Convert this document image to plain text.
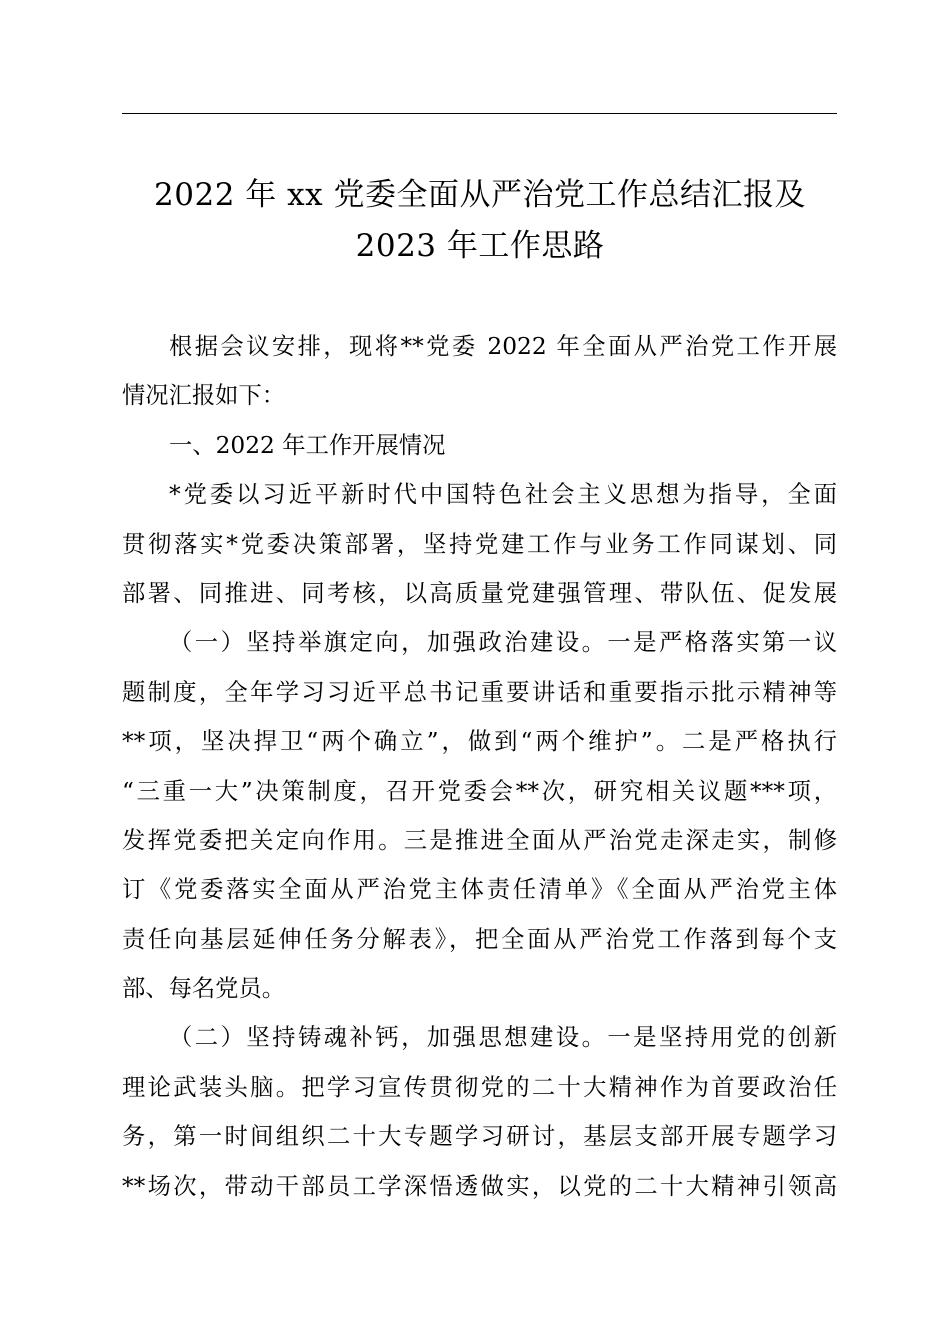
2022 年 xx 党委全面从严治党工作总结汇报及
2023 年工作思路
根据会议安排，现将**党委 2022 年全面从严治党工作开展
情况汇报如下：
一、2022 年工作开展情况
*党委以习近平新时代中国特色社会主义思想为指导，全面
贯彻落实*党委决策部署，坚持党建工作与业务工作同谋划、同
部署、同推进、同考核，以高质量党建强管理、带队伍、促发展
（一）坚持举旗定向，加强政治建设。一是严格落实第一议
题制度，全年学习习近平总书记重要讲话和重要指示批示精神等
**项，坚决捍卫“两个确立”，做到“两个维护”。二是严格执行
“三重一大”决策制度，召开党委会**次，研究相关议题***项，
发挥党委把关定向作用。三是推进全面从严治党走深走实，制修
订《党委落实全面从严治党主体责任清单》《全面从严治党主体
责任向基层延伸任务分解表》，把全面从严治党工作落到每个支
部、每名党员。
（二）坚持铸魂补钙，加强思想建设。一是坚持用党的创新
理论武装头脑。把学习宣传贯彻党的二十大精神作为首要政治任
务，第一时间组织二十大专题学习研讨，基层支部开展专题学习
**场次，带动干部员工学深悟透做实，以党的二十大精神引领高
